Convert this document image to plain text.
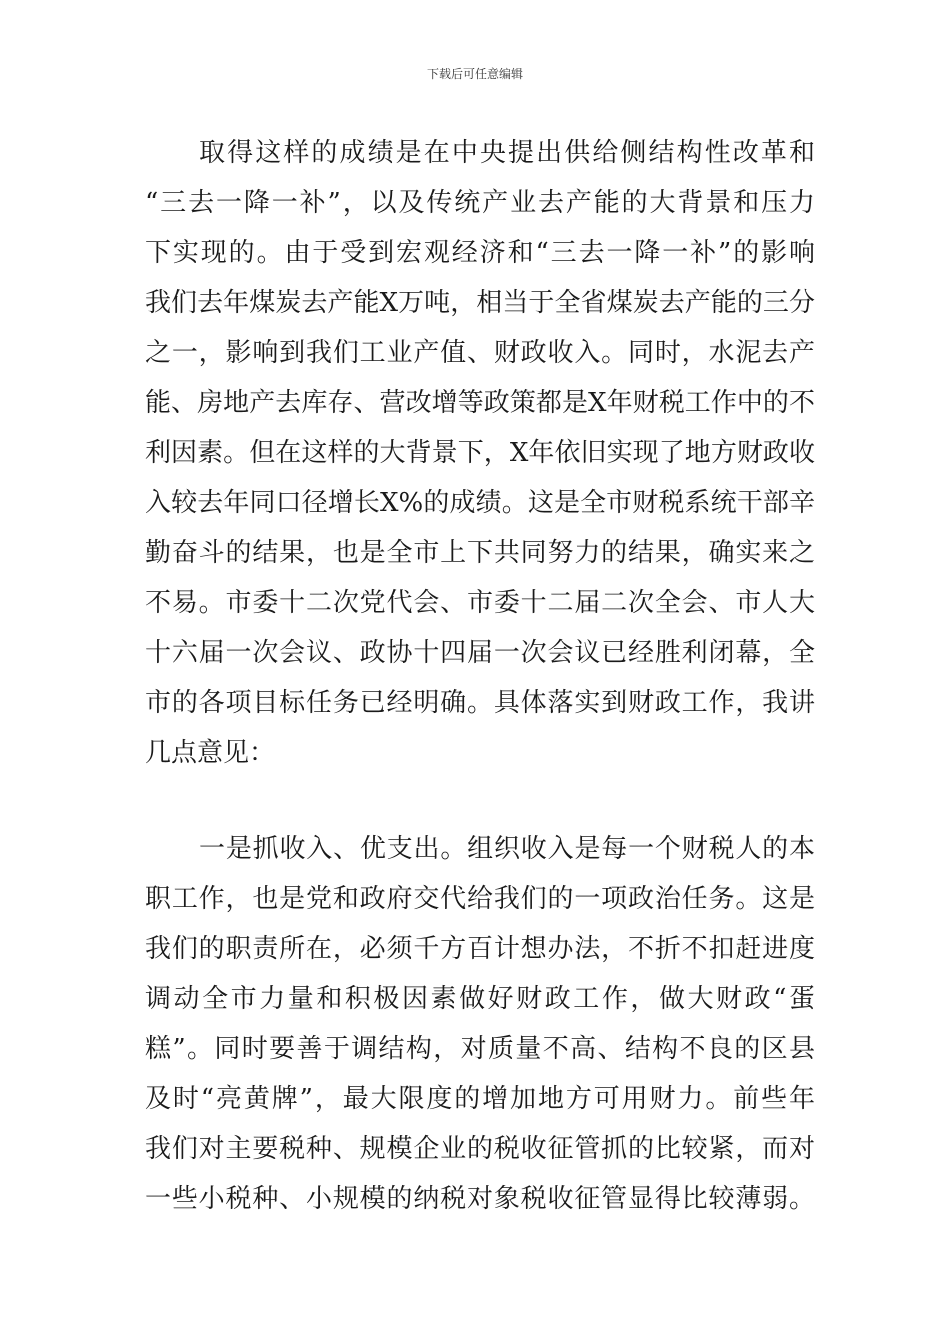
下载后可任意编辑
取得这样的成绩是在中央提出供给侧结构性改革和
“三去一降一补”，以及传统产业去产能的大背景和压力
下实现的。由于受到宏观经济和“三去一降一补”的影响
我们去年煤炭去产能X万吨，相当于全省煤炭去产能的三分
之一，影响到我们工业产值、财政收入。同时，水泥去产
能、房地产去库存、营改增等政策都是X年财税工作中的不
利因素。但在这样的大背景下，X年依旧实现了地方财政收
入较去年同口径增长X%的成绩。这是全市财税系统干部辛
勤奋斗的结果，也是全市上下共同努力的结果，确实来之
不易。市委十二次党代会、市委十二届二次全会、市人大
十六届一次会议、政协十四届一次会议已经胜利闭幕，全
市的各项目标任务已经明确。具体落实到财政工作，我讲
几点意见：
一是抓收入、优支出。组织收入是每一个财税人的本
职工作，也是党和政府交代给我们的一项政治任务。这是
我们的职责所在，必须千方百计想办法，不折不扣赶进度
调动全市力量和积极因素做好财政工作，做大财政“蛋
糕”。同时要善于调结构，对质量不高、结构不良的区县
及时“亮黄牌”，最大限度的增加地方可用财力。前些年
我们对主要税种、规模企业的税收征管抓的比较紧，而对
一些小税种、小规模的纳税对象税收征管显得比较薄弱。
